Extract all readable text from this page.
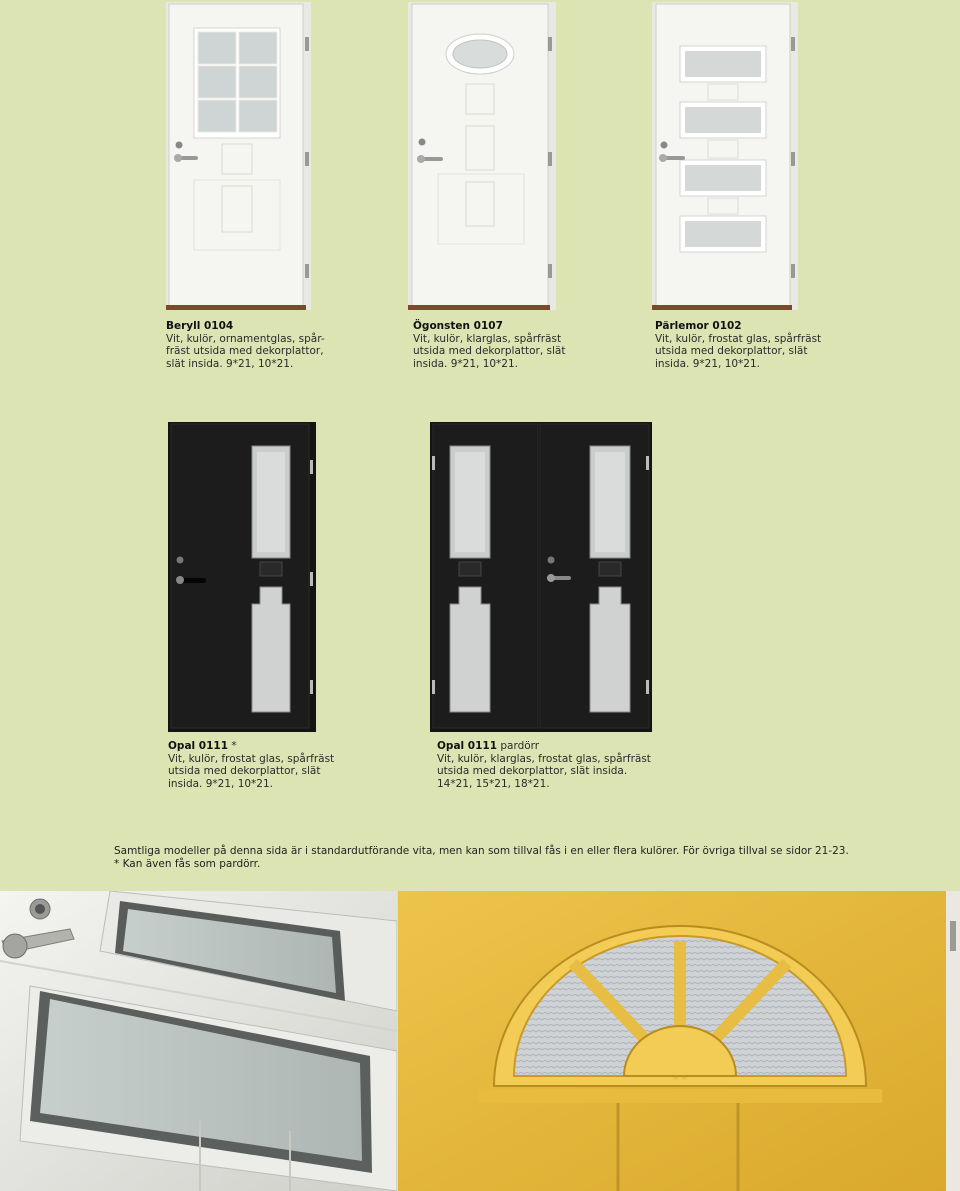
Beryll 0104
Vit, kulör, ornamentglas, spår-
fräst utsida med dekorplattor,
slät insida. 9*21, 10*21.
Ögonsten 0107
Vit, kulör, klarglas, spårfräst
utsida med dekorplattor, slät
insida. 9*21, 10*21.
Pärlemor 0102
Vit, kulör, frostat glas, spårfräst
utsida med dekorplattor, slät
insida. 9*21, 10*21.
Opal 0111 *
Vit, kulör, frostat glas, spårfräst
utsida med dekorplattor, slät
insida. 9*21, 10*21.
Opal 0111 pardörr
Vit, kulör, klarglas, frostat glas, spårfräst
utsida med dekorplattor, slät insida.
14*21, 15*21, 18*21.
Samtliga modeller på denna sida är i standardutförande vita, men kan som tillval fås i en eller flera kulörer. För övriga tillval se sidor 21-23.
* Kan även fås som pardörr.
